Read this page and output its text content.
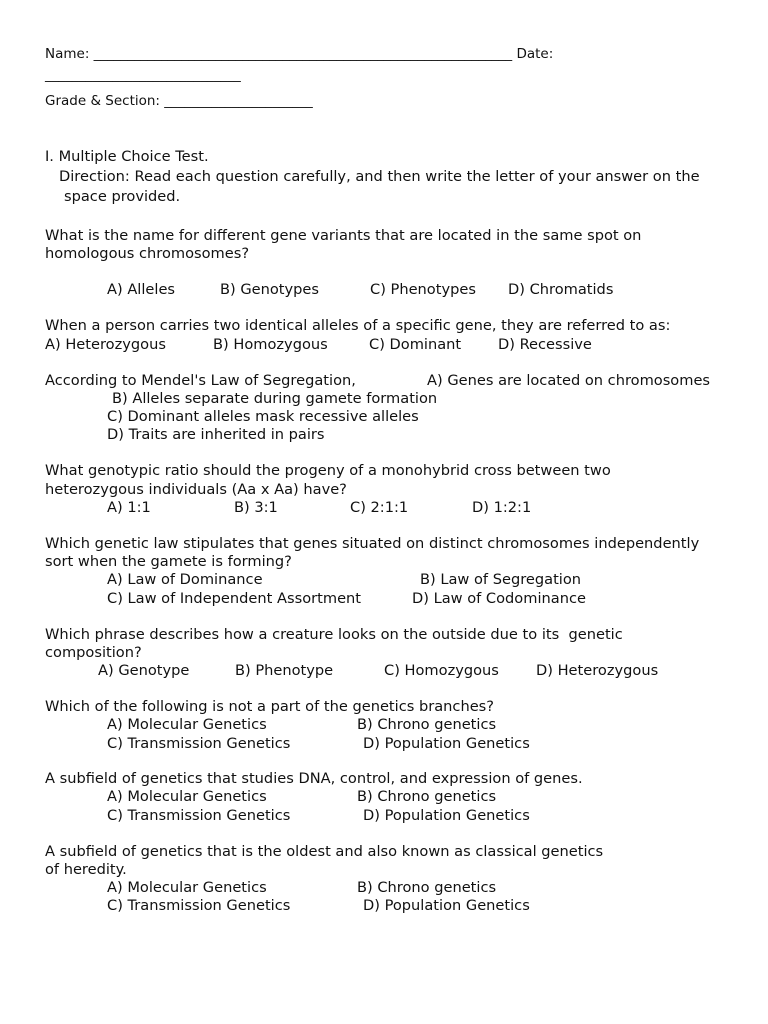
Name: ______________________________________________________________ Date:
_____________________________
Grade & Section: ______________________
I. Multiple Choice Test.
Direction: Read each question carefully, and then write the letter of your answer on the
space provided.
What is the name for different gene variants that are located in the same spot on
homologous chromosomes?
A) Alleles	B) Genotypes	C) Phenotypes D) Chromatids
When a person carries two identical alleles of a specific gene, they are referred to as:
A) Heterozygous	B) Homozygous	C) Dominant	D) Recessive
According to Mendel's Law of Segregation,	A) Genes are located on chromosomes
B) Alleles separate during gamete formation
C) Dominant alleles mask recessive alleles
D) Traits are inherited in pairs
What genotypic ratio should the progeny of a monohybrid cross between two
heterozygous individuals (Aa x Aa) have?
A) 1:1	B) 3:1	C) 2:1:1	D) 1:2:1
Which genetic law stipulates that genes situated on distinct chromosomes independently
sort when the gamete is forming?
A) Law of Dominance	B) Law of Segregation
C) Law of Independent Assortment	D) Law of Codominance
Which phrase describes how a creature looks on the outside due to its  genetic
composition?
A) Genotype	B) Phenotype	C) Homozygous	D) Heterozygous
Which of the following is not a part of the genetics branches?
A) Molecular Genetics	B) Chrono genetics
C) Transmission Genetics	D) Population Genetics
A subfield of genetics that studies DNA, control, and expression of genes.
A) Molecular Genetics	B) Chrono genetics
C) Transmission Genetics	D) Population Genetics
A subfield of genetics that is the oldest and also known as classical genetics
of heredity.
A) Molecular Genetics	B) Chrono genetics
C) Transmission Genetics	D) Population Genetics
